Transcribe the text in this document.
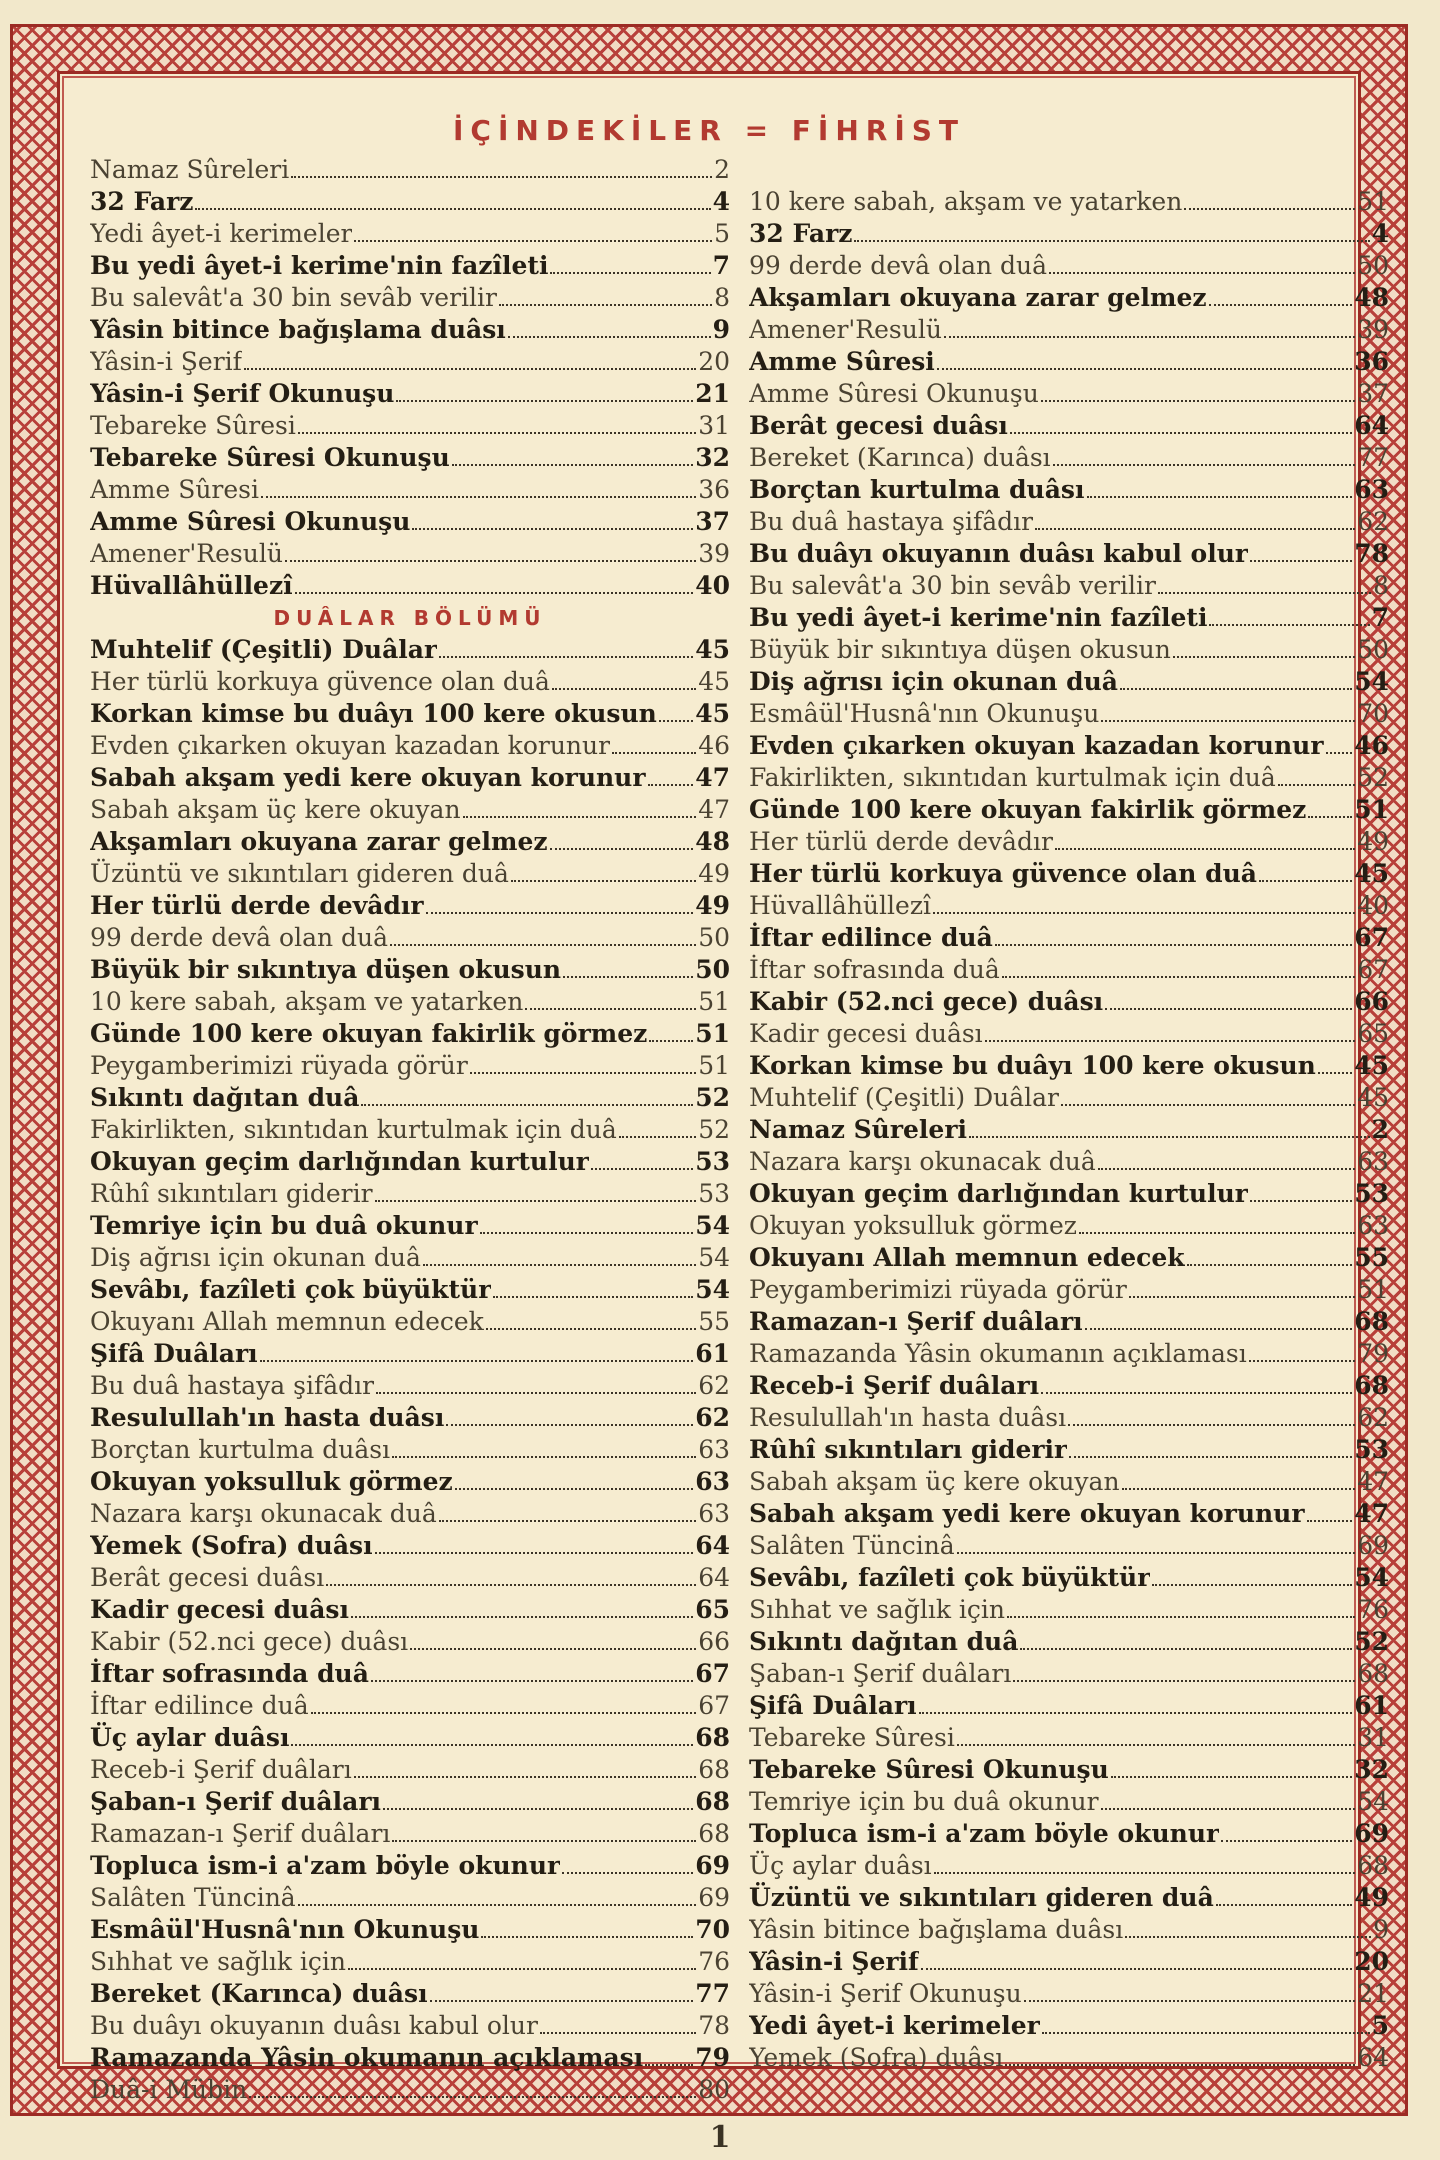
İÇİNDEKİLER = FİHRİST
Namaz Sûreleri	2
32 Farz	4
Yedi âyet-i kerimeler	5
Bu yedi âyet-i kerime'nin fazîleti	7
Bu salevât'a 30 bin sevâb verilir	8
Yâsin bitince bağışlama duâsı	9
Yâsin-i Şerif	20
Yâsin-i Şerif Okunuşu	21
Tebareke Sûresi	31
Tebareke Sûresi Okunuşu	32
Amme Sûresi	36
Amme Sûresi Okunuşu	37
Amener'Resulü	39
Hüvallâhüllezî	40
DUÂLAR BÖLÜMÜ
Muhtelif (Çeşitli) Duâlar	45
Her türlü korkuya güvence olan duâ	45
Korkan kimse bu duâyı 100 kere okusun 45
Evden çıkarken okuyan kazadan korunur	46
Sabah akşam yedi kere okuyan korunur 47
Sabah akşam üç kere okuyan	47
Akşamları okuyana zarar gelmez	48
Üzüntü ve sıkıntıları gideren duâ	49
Her türlü derde devâdır	49
99 derde devâ olan duâ	50
Büyük bir sıkıntıya düşen okusun	50
10 kere sabah, akşam ve yatarken	51
Günde 100 kere okuyan fakirlik görmez 51
Peygamberimizi rüyada görür	51
Sıkıntı dağıtan duâ	52
Fakirlikten, sıkıntıdan kurtulmak için duâ	52
Okuyan geçim darlığından kurtulur	53
Rûhî sıkıntıları giderir	53
Temriye için bu duâ okunur	54
Diş ağrısı için okunan duâ	54
Sevâbı, fazîleti çok büyüktür	54
Okuyanı Allah memnun edecek	55
Şifâ Duâları	61
Bu duâ hastaya şifâdır	62
Resulullah'ın hasta duâsı	62
Borçtan kurtulma duâsı	63
Okuyan yoksulluk görmez	63
Nazara karşı okunacak duâ	63
Yemek (Sofra) duâsı	64
Berât gecesi duâsı	64
Kadir gecesi duâsı	65
Kabir (52.nci gece) duâsı	66
İftar sofrasında duâ	67
İftar edilince duâ	67
Üç aylar duâsı	68
Receb-i Şerif duâları	68
Şaban-ı Şerif duâları	68
Ramazan-ı Şerif duâları	68
Topluca ism-i a'zam böyle okunur	69
Salâten Tüncinâ	69
Esmâül'Husnâ'nın Okunuşu	70
Sıhhat ve sağlık için	76
Bereket (Karınca) duâsı	77
Bu duâyı okuyanın duâsı kabul olur	78
Ramazanda Yâsin okumanın açıklaması 79
Duâ-i Mübin	80
10 kere sabah, akşam ve yatarken	51
32 Farz	4
99 derde devâ olan duâ	50
Akşamları okuyana zarar gelmez	48
Amener'Resulü	39
Amme Sûresi	36
Amme Sûresi Okunuşu	37
Berât gecesi duâsı	64
Bereket (Karınca) duâsı	77
Borçtan kurtulma duâsı	63
Bu duâ hastaya şifâdır	62
Bu duâyı okuyanın duâsı kabul olur	78
Bu salevât'a 30 bin sevâb verilir	8
Bu yedi âyet-i kerime'nin fazîleti	7
Büyük bir sıkıntıya düşen okusun	50
Diş ağrısı için okunan duâ	54
Esmâül'Husnâ'nın Okunuşu	70
Evden çıkarken okuyan kazadan korunur 46
Fakirlikten, sıkıntıdan kurtulmak için duâ	52
Günde 100 kere okuyan fakirlik görmez 51
Her türlü derde devâdır	49
Her türlü korkuya güvence olan duâ	45
Hüvallâhüllezî	40
İftar edilince duâ	67
İftar sofrasında duâ	67
Kabir (52.nci gece) duâsı	66
Kadir gecesi duâsı	65
Korkan kimse bu duâyı 100 kere okusun 45
Muhtelif (Çeşitli) Duâlar	45
Namaz Sûreleri	2
Nazara karşı okunacak duâ	63
Okuyan geçim darlığından kurtulur	53
Okuyan yoksulluk görmez	63
Okuyanı Allah memnun edecek	55
Peygamberimizi rüyada görür	51
Ramazan-ı Şerif duâları	68
Ramazanda Yâsin okumanın açıklaması	79
Receb-i Şerif duâları	68
Resulullah'ın hasta duâsı	62
Rûhî sıkıntıları giderir	53
Sabah akşam üç kere okuyan	47
Sabah akşam yedi kere okuyan korunur 47
Salâten Tüncinâ	69
Sevâbı, fazîleti çok büyüktür	54
Sıhhat ve sağlık için	76
Sıkıntı dağıtan duâ	52
Şaban-ı Şerif duâları	68
Şifâ Duâları	61
Tebareke Sûresi	31
Tebareke Sûresi Okunuşu	32
Temriye için bu duâ okunur	54
Topluca ism-i a'zam böyle okunur	69
Üç aylar duâsı	68
Üzüntü ve sıkıntıları gideren duâ	49
Yâsin bitince bağışlama duâsı	9
Yâsin-i Şerif	20
Yâsin-i Şerif Okunuşu	21
Yedi âyet-i kerimeler	5
Yemek (Sofra) duâsı	64
1
